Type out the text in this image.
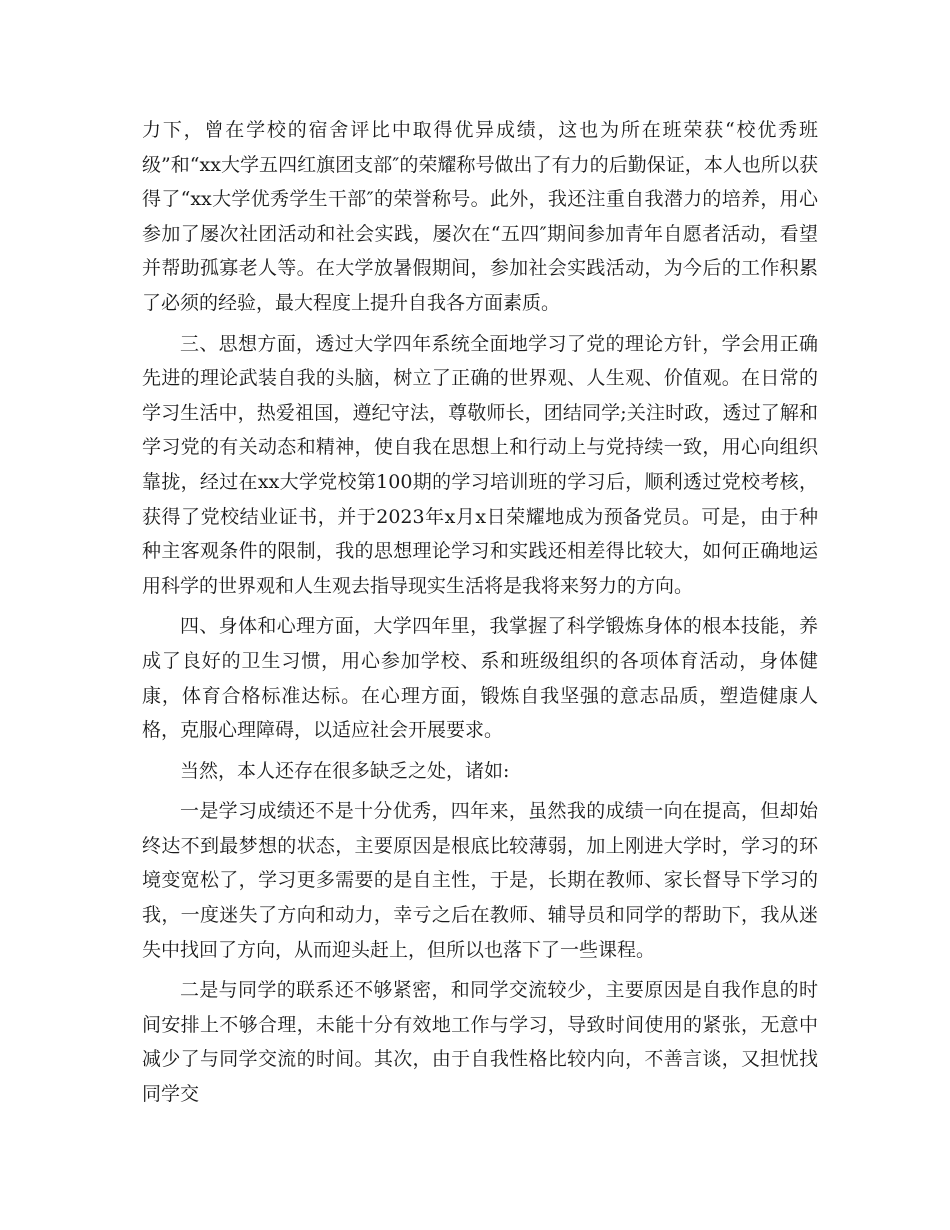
力下，曾在学校的宿舍评比中取得优异成绩，这也为所在班荣获“校优秀班级”和“xx大学五四红旗团支部″的荣耀称号做出了有力的后勤保证，本人也所以获得了“xx大学优秀学生干部″的荣誉称号。此外，我还注重自我潜力的培养，用心参加了屡次社团活动和社会实践，屡次在“五四″期间参加青年自愿者活动，看望并帮助孤寡老人等。在大学放暑假期间，参加社会实践活动，为今后的工作积累了必须的经验，最大程度上提升自我各方面素质。

三、思想方面，透过大学四年系统全面地学习了党的理论方针，学会用正确先进的理论武装自我的头脑，树立了正确的世界观、人生观、价值观。在日常的学习生活中，热爱祖国，遵纪守法，尊敬师长，团结同学;关注时政，透过了解和学习党的有关动态和精神，使自我在思想上和行动上与党持续一致，用心向组织靠拢，经过在xx大学党校第100期的学习培训班的学习后，顺利透过党校考核，获得了党校结业证书，并于2023年x月x日荣耀地成为预备党员。可是，由于种种主客观条件的限制，我的思想理论学习和实践还相差得比较大，如何正确地运用科学的世界观和人生观去指导现实生活将是我将来努力的方向。

四、身体和心理方面，大学四年里，我掌握了科学锻炼身体的根本技能，养成了良好的卫生习惯，用心参加学校、系和班级组织的各项体育活动，身体健康，体育合格标准达标。在心理方面，锻炼自我坚强的意志品质，塑造健康人格，克服心理障碍，以适应社会开展要求。

当然，本人还存在很多缺乏之处，诸如:

一是学习成绩还不是十分优秀，四年来，虽然我的成绩一向在提高，但却始终达不到最梦想的状态，主要原因是根底比较薄弱，加上刚进大学时，学习的环境变宽松了，学习更多需要的是自主性，于是，长期在教师、家长督导下学习的我，一度迷失了方向和动力，幸亏之后在教师、辅导员和同学的帮助下，我从迷失中找回了方向，从而迎头赶上，但所以也落下了一些课程。

二是与同学的联系还不够紧密，和同学交流较少，主要原因是自我作息的时间安排上不够合理，未能十分有效地工作与学习，导致时间使用的紧张，无意中减少了与同学交流的时间。其次，由于自我性格比较内向，不善言谈，又担忧找同学交
